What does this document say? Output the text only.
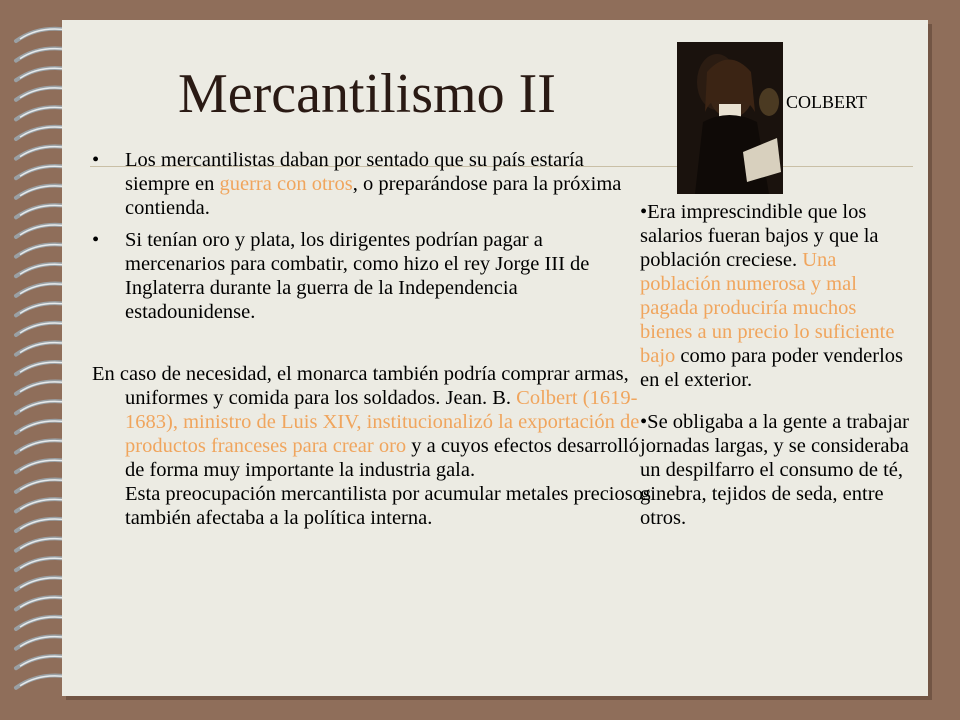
Mercantilismo II	COLBERT
• Los mercantilistas daban por sentado que su país estaría siempre en guerra con otros, o preparándose para la próxima contienda.
• Si tenían oro y plata, los dirigentes podrían pagar a mercenarios para combatir, como hizo el rey Jorge III de Inglaterra durante la guerra de la Independencia estadounidense.
En caso de necesidad, el monarca también podría comprar armas, uniformes y comida para los soldados. Jean. B. Colbert (1619-1683), ministro de Luis XIV, institucionalizó la exportación de productos franceses para crear oro y a cuyos efectos desarrolló de forma muy importante la industria gala.
Esta preocupación mercantilista por acumular metales preciosos también afectaba a la política interna.

•Era imprescindible que los salarios fueran bajos y que la población creciese. Una población numerosa y mal pagada produciría muchos bienes a un precio lo suficiente bajo como para poder venderlos en el exterior.

•Se obligaba a la gente a trabajar jornadas largas, y se consideraba un despilfarro el consumo de té, ginebra, tejidos de seda, entre otros.
